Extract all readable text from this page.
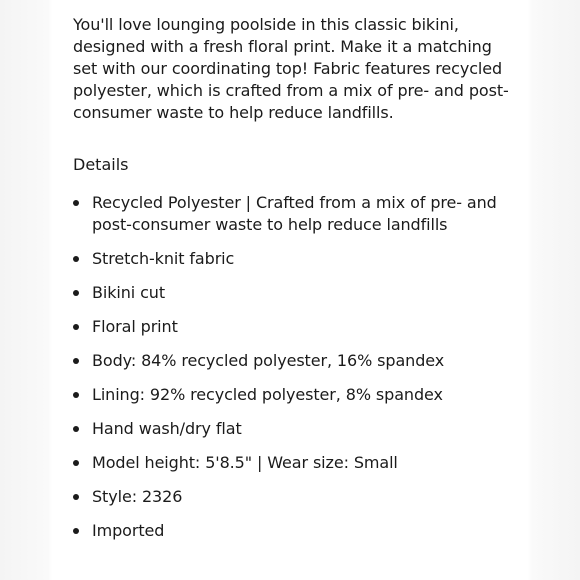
You'll love lounging poolside in this classic bikini, designed with a fresh floral print. Make it a matching set with our coordinating top! Fabric features recycled polyester, which is crafted from a mix of pre- and post-consumer waste to help reduce landfills.

Details
Recycled Polyester | Crafted from a mix of pre- and post-consumer waste to help reduce landfills
Stretch-knit fabric
Bikini cut
Floral print
Body: 84% recycled polyester, 16% spandex
Lining: 92% recycled polyester, 8% spandex
Hand wash/dry flat
Model height: 5'8.5" | Wear size: Small
Style: 2326
Imported
